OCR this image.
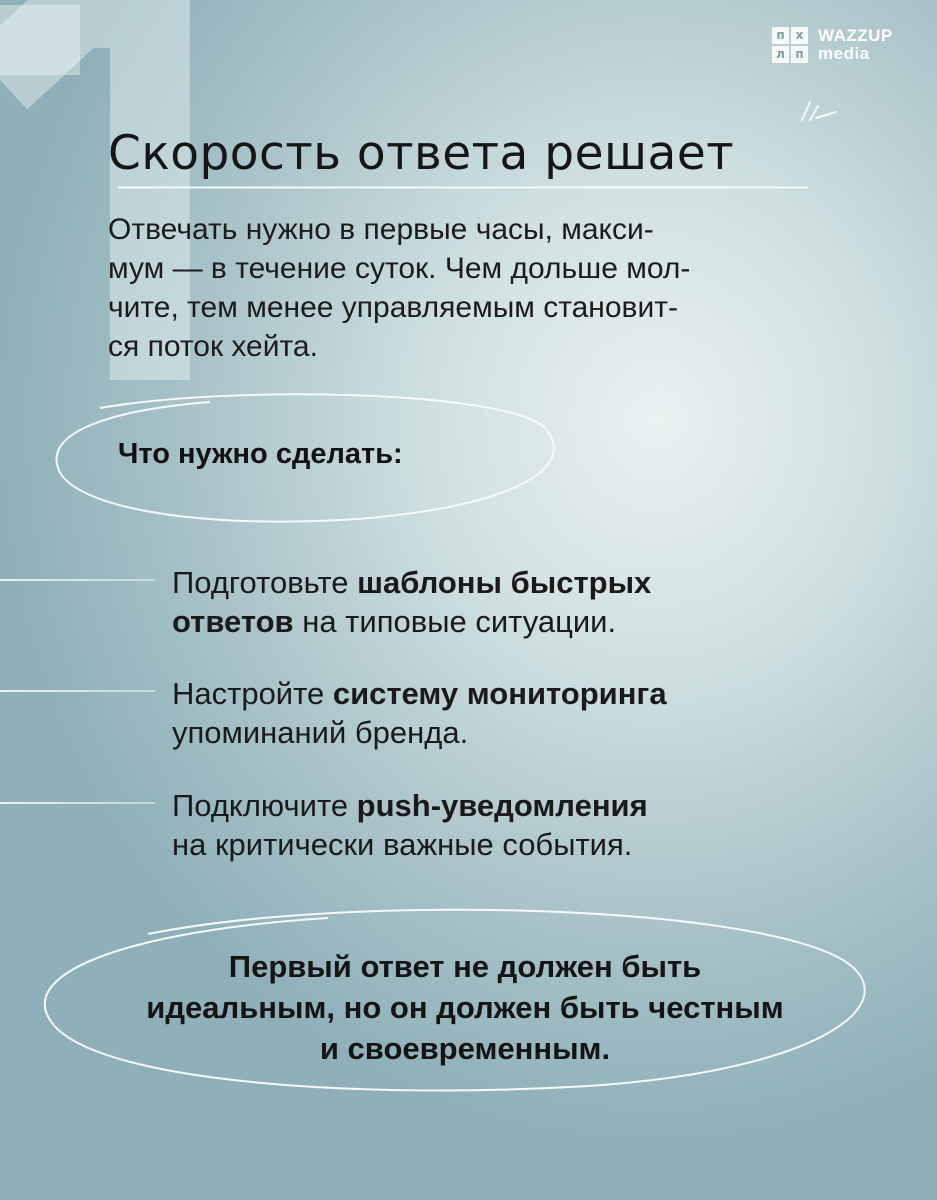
п х
л п
WAZZUP
media
Скорость ответа решает

Отвечать нужно в первые часы, макси-
мум — в течение суток. Чем дольше мол-
чите, тем менее управляемым становит-
ся поток хейта.

Что нужно сделать:

Подготовьте шаблоны быстрых
ответов на типовые ситуации.

Настройте систему мониторинга
упоминаний бренда.

Подключите push-уведомления
на критически важные события.

Первый ответ не должен быть
идеальным, но он должен быть честным
и своевременным.
